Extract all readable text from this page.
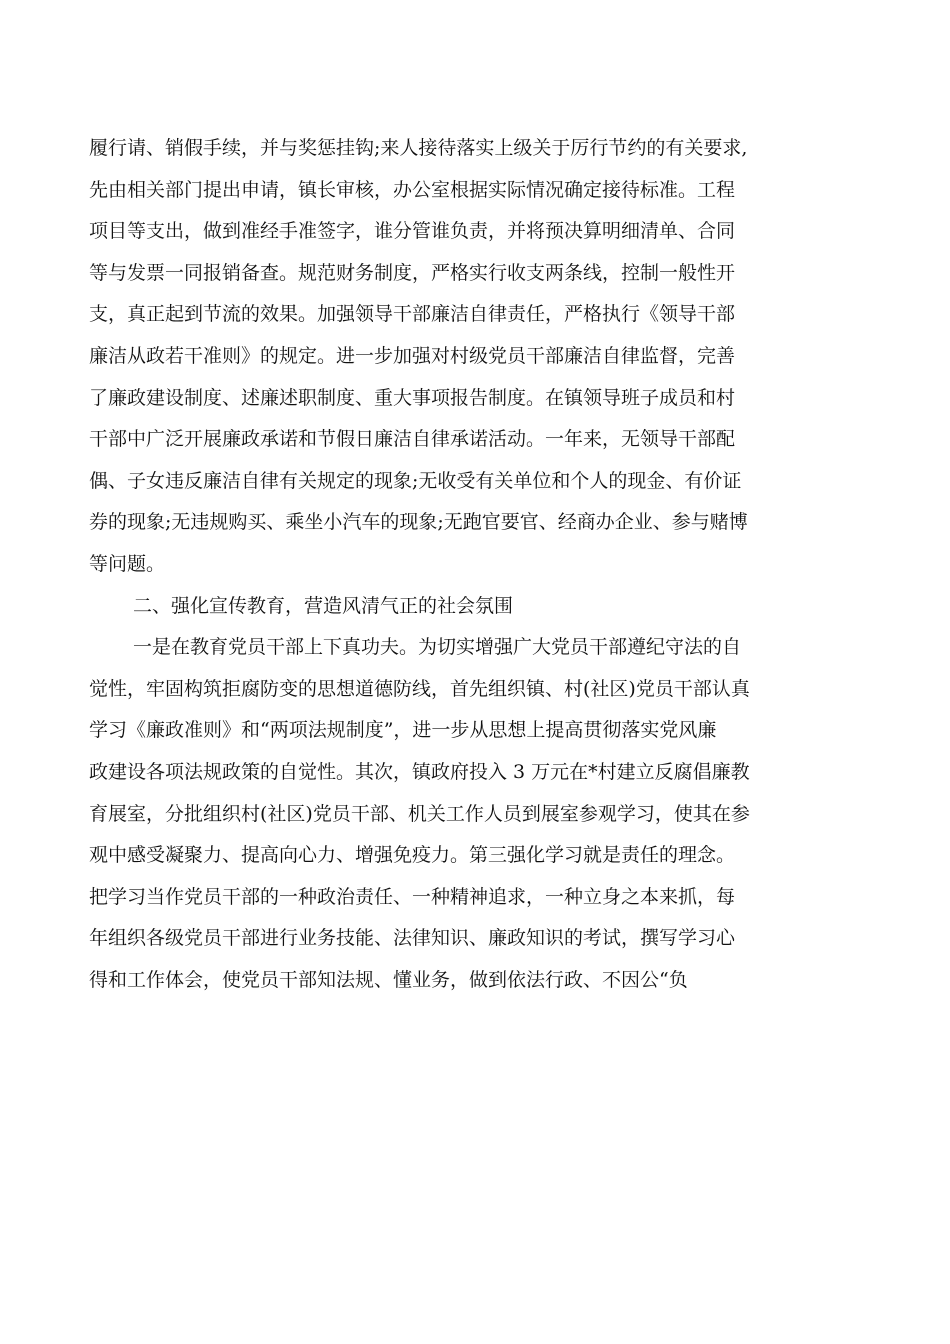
履行请、销假手续，并与奖惩挂钩;来人接待落实上级关于厉行节约的有关要求,
先由相关部门提出申请，镇长审核，办公室根据实际情况确定接待标准。工程
项目等支出，做到准经手准签字，谁分管谁负责，并将预决算明细清单、合同
等与发票一同报销备查。规范财务制度，严格实行收支两条线，控制一般性开
支，真正起到节流的效果。加强领导干部廉洁自律责任，严格执行《领导干部
廉洁从政若干准则》的规定。进一步加强对村级党员干部廉洁自律监督，完善
了廉政建设制度、述廉述职制度、重大事项报告制度。在镇领导班子成员和村
干部中广泛开展廉政承诺和节假日廉洁自律承诺活动。一年来，无领导干部配
偶、子女违反廉洁自律有关规定的现象;无收受有关单位和个人的现金、有价证
券的现象;无违规购买、乘坐小汽车的现象;无跑官要官、经商办企业、参与赌博
等问题。
二、强化宣传教育，营造风清气正的社会氛围
一是在教育党员干部上下真功夫。为切实增强广大党员干部遵纪守法的自
觉性，牢固构筑拒腐防变的思想道德防线，首先组织镇、村(社区)党员干部认真
学习《廉政准则》和“两项法规制度”，进一步从思想上提高贯彻落实党风廉
政建设各项法规政策的自觉性。其次，镇政府投入 3 万元在*村建立反腐倡廉教
育展室，分批组织村(社区)党员干部、机关工作人员到展室参观学习，使其在参
观中感受凝聚力、提高向心力、增强免疫力。第三强化学习就是责任的理念。
把学习当作党员干部的一种政治责任、一种精神追求，一种立身之本来抓，每
年组织各级党员干部进行业务技能、法律知识、廉政知识的考试，撰写学习心
得和工作体会，使党员干部知法规、懂业务，做到依法行政、不因公“负
